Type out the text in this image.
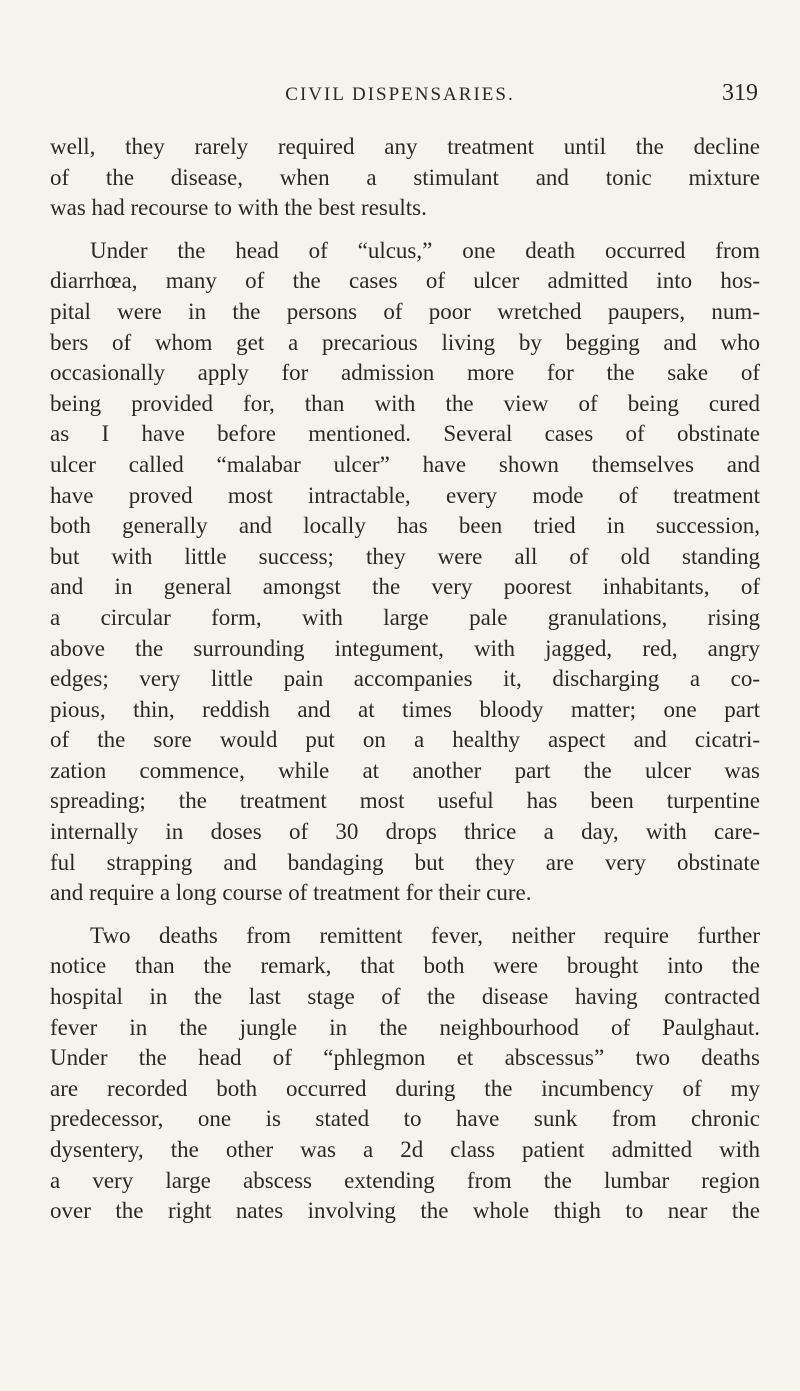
CIVIL DISPENSARIES.	319
well, they rarely required any treatment until the decline
of the disease, when a stimulant and tonic mixture
was had recourse to with the best results.
Under the head of “ulcus,” one death occurred from
diarrhœa, many of the cases of ulcer admitted into hos-
pital were in the persons of poor wretched paupers, num-
bers of whom get a precarious living by begging and who
occasionally apply for admission more for the sake of
being provided for, than with the view of being cured
as I have before mentioned. Several cases of obstinate
ulcer called “malabar ulcer” have shown themselves and
have proved most intractable, every mode of treatment
both generally and locally has been tried in succession,
but with little success; they were all of old standing
and in general amongst the very poorest inhabitants, of
a circular form, with large pale granulations, rising
above the surrounding integument, with jagged, red, angry
edges; very little pain accompanies it, discharging a co-
pious, thin, reddish and at times bloody matter; one part
of the sore would put on a healthy aspect and cicatri-
zation commence, while at another part the ulcer was
spreading; the treatment most useful has been turpentine
internally in doses of 30 drops thrice a day, with care-
ful strapping and bandaging but they are very obstinate
and require a long course of treatment for their cure.
Two deaths from remittent fever, neither require further
notice than the remark, that both were brought into the
hospital in the last stage of the disease having contracted
fever in the jungle in the neighbourhood of Paulghaut.
Under the head of “phlegmon et abscessus” two deaths
are recorded both occurred during the incumbency of my
predecessor, one is stated to have sunk from chronic
dysentery, the other was a 2d class patient admitted with
a very large abscess extending from the lumbar region
over the right nates involving the whole thigh to near the
